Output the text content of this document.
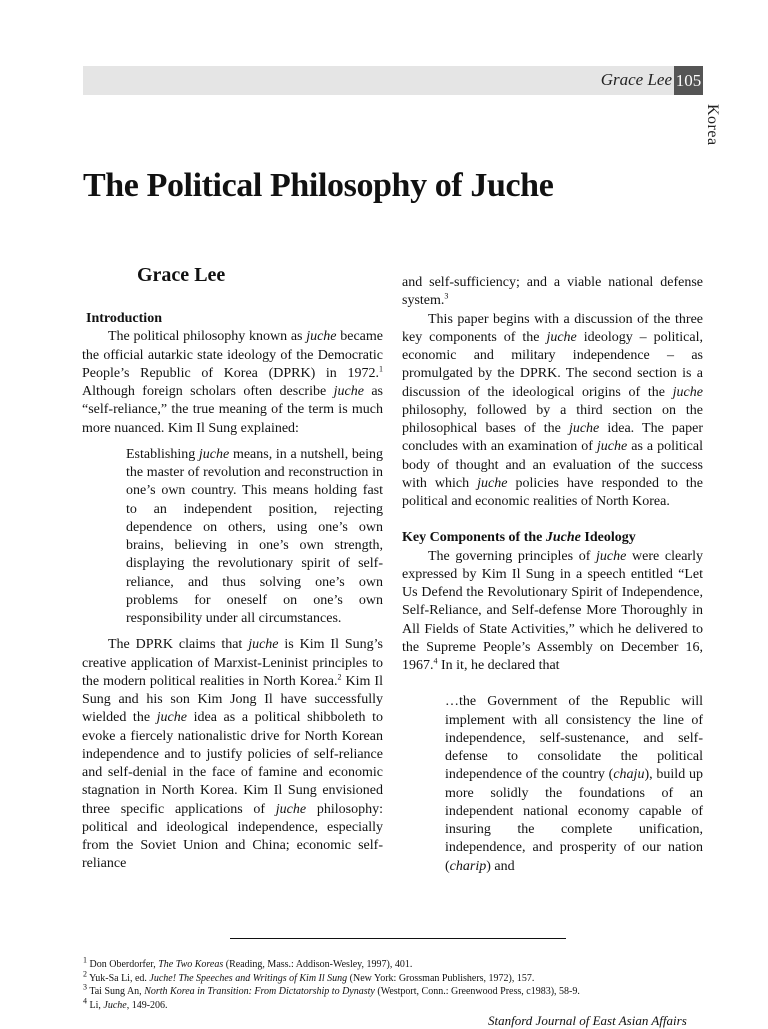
Grace Lee 105
Korea
The Political Philosophy of Juche
Grace Lee

Introduction

The political philosophy known as juche became the official autarkic state ideology of the Democratic People’s Republic of Korea (DPRK) in 1972.$^1$ Although foreign scholars often describe juche as “self-reliance,” the true meaning of the term is much more nuanced. Kim Il Sung explained:

Establishing juche means, in a nutshell, being the master of revolution and reconstruction in one’s own country. This means holding fast to an independent position, rejecting dependence on others, using one’s own brains, believing in one’s own strength, displaying the revolutionary spirit of self-reliance, and thus solving one’s own problems for oneself on one’s own responsibility under all circumstances.

The DPRK claims that juche is Kim Il Sung’s creative application of Marxist-Leninist principles to the modern political realities in North Korea.$^2$ Kim Il Sung and his son Kim Jong Il have successfully wielded the juche idea as a political shibboleth to evoke a fiercely nationalistic drive for North Korean independence and to justify policies of self-reliance and self-denial in the face of famine and economic stagnation in North Korea. Kim Il Sung envisioned three specific applications of juche philosophy: political and ideological independence, especially from the Soviet Union and China; economic self-reliance

and self-sufficiency; and a viable national defense system.$^3$

This paper begins with a discussion of the three key components of the juche ideology – political, economic and military independence – as promulgated by the DPRK. The second section is a discussion of the ideological origins of the juche philosophy, followed by a third section on the philosophical bases of the juche idea. The paper concludes with an examination of juche as a political body of thought and an evaluation of the success with which juche policies have responded to the political and economic realities of North Korea.

Key Components of the Juche Ideology

The governing principles of juche were clearly expressed by Kim Il Sung in a speech entitled “Let Us Defend the Revolutionary Spirit of Independence, Self-Reliance, and Self-defense More Thoroughly in All Fields of State Activities,” which he delivered to the Supreme People’s Assembly on December 16, 1967.$^4$ In it, he declared that

…the Government of the Republic will implement with all consistency the line of independence, self-sustenance, and self-defense to consolidate the political independence of the country (chaju), build up more solidly the foundations of an independent national economy capable of insuring the complete unification, independence, and prosperity of our nation (charip) and

$^1$ Don Oberdorfer, The Two Koreas (Reading, Mass.: Addison-Wesley, 1997), 401.
$^2$ Yuk-Sa Li, ed. Juche! The Speeches and Writings of Kim Il Sung (New York: Grossman Publishers, 1972), 157.
$^3$ Tai Sung An, North Korea in Transition: From Dictatorship to Dynasty (Westport, Conn.: Greenwood Press, c1983), 58-9.
$^4$ Li, Juche, 149-206.
Stanford Journal of East Asian Affairs
